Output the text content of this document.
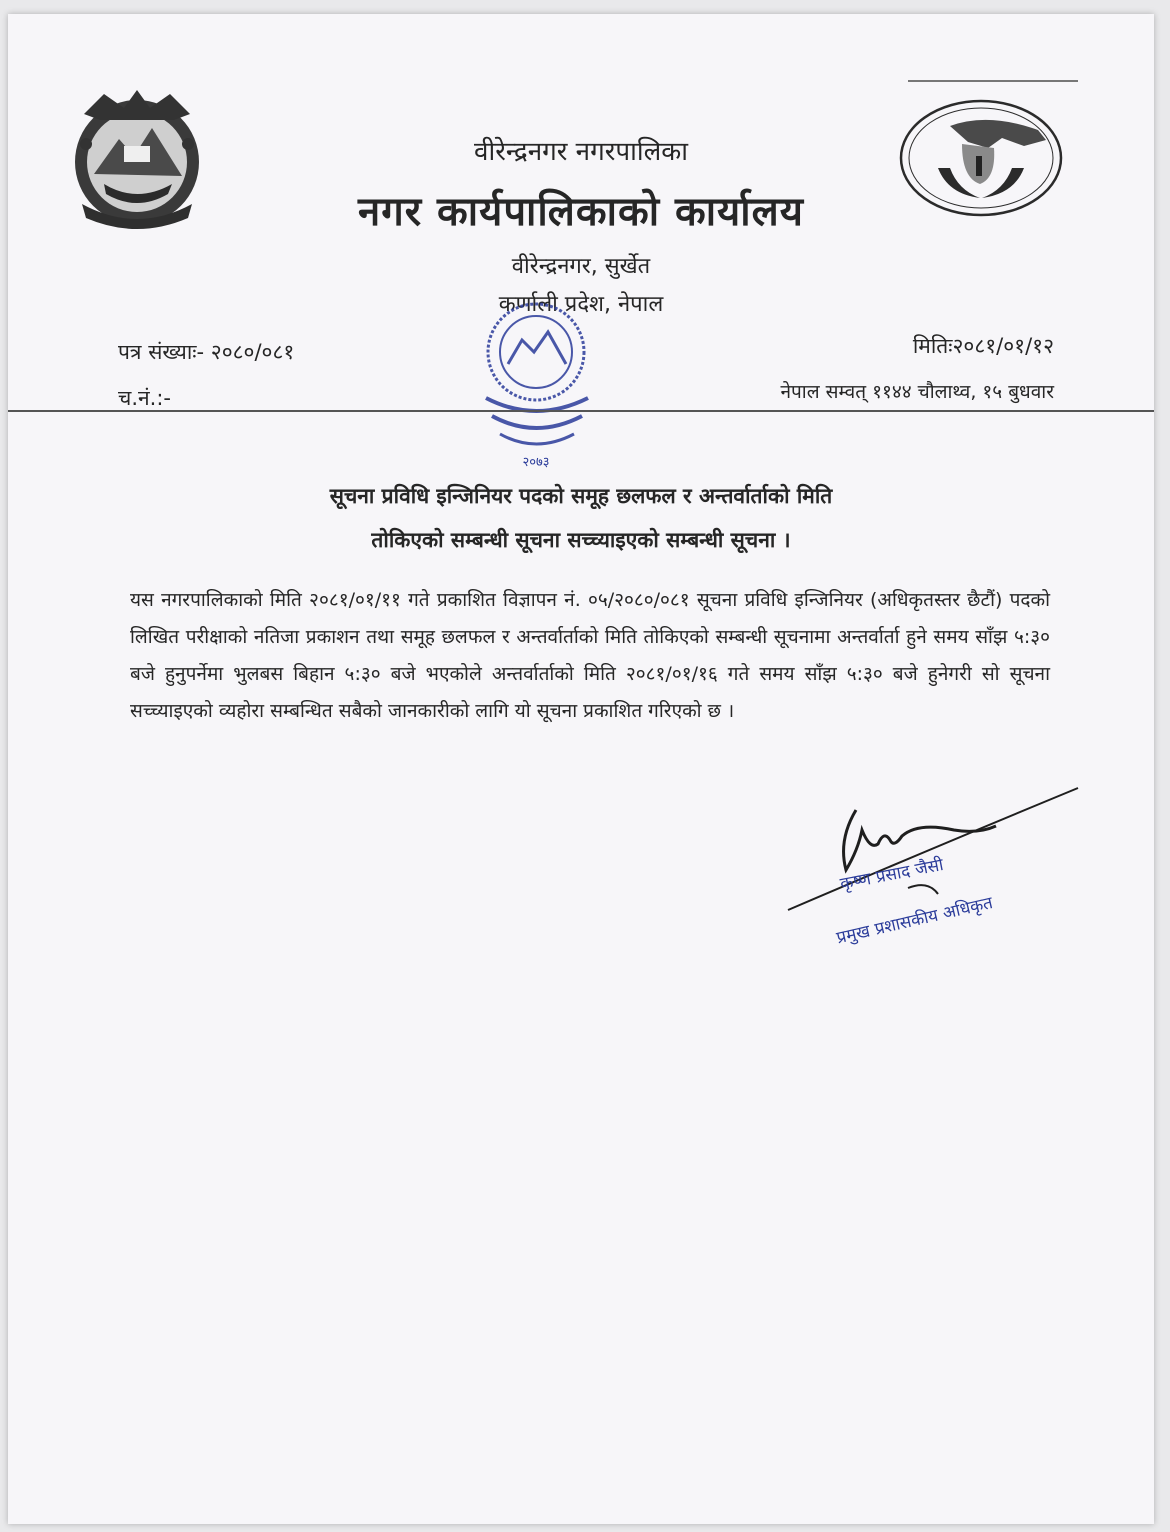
वीरेन्द्रनगर नगरपालिका
नगर कार्यपालिकाको कार्यालय
वीरेन्द्रनगर, सुर्खेत
कर्णाली प्रदेश, नेपाल
२०७३
पत्र संख्याः- २०८०/०८१
च.नं.:-
मितिः२०८१/०१/१२
नेपाल सम्वत् ११४४ चौलाथ्व, १५ बुधवार
सूचना प्रविधि इन्जिनियर पदको समूह छलफल र अन्तर्वार्ताको मिति
तोकिएको सम्बन्धी सूचना सच्च्याइएको सम्बन्धी सूचना ।
यस नगरपालिकाको मिति २०८१/०१/११ गते प्रकाशित विज्ञापन नं. ०५/२०८०/०८१ सूचना प्रविधि इन्जिनियर (अधिकृतस्तर छैटौं) पदको लिखित परीक्षाको नतिजा प्रकाशन तथा समूह छलफल र अन्तर्वार्ताको मिति तोकिएको सम्बन्धी सूचनामा अन्तर्वार्ता हुने समय साँझ ५:३० बजे हुनुपर्नेमा भुलबस बिहान ५:३० बजे भएकोले अन्तर्वार्ताको मिति २०८१/०१/१६ गते समय साँझ ५:३० बजे हुनेगरी सो सूचना सच्च्याइएको व्यहोरा सम्बन्धित सबैको जानकारीको लागि यो सूचना प्रकाशित गरिएको छ ।
कृष्ण प्रसाद जैसी
प्रमुख प्रशासकीय अधिकृत
